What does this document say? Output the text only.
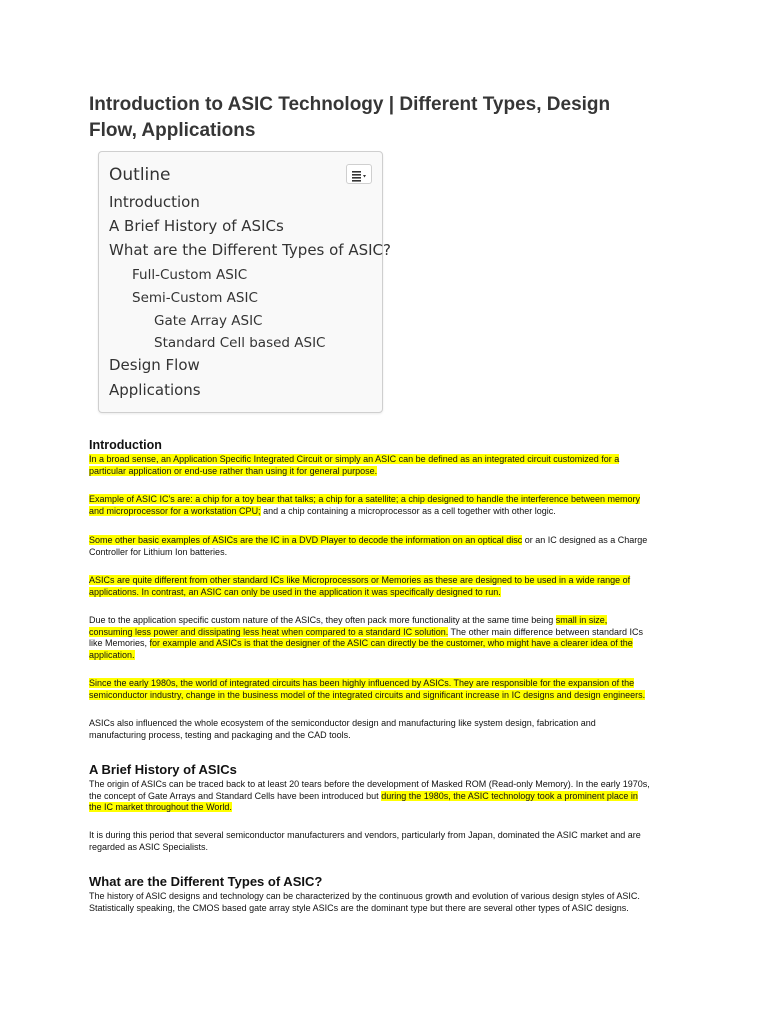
Introduction to ASIC Technology | Different Types, Design Flow, Applications
Outline
Introduction
A Brief History of ASICs
What are the Different Types of ASIC?
Full-Custom ASIC
Semi-Custom ASIC
Gate Array ASIC
Standard Cell based ASIC
Design Flow
Applications
Introduction

In a broad sense, an Application Specific Integrated Circuit or simply an ASIC can be defined as an integrated circuit customized for a particular application or end-use rather than using it for general purpose.

Example of ASIC IC's are: a chip for a toy bear that talks; a chip for a satellite; a chip designed to handle the interference between memory and microprocessor for a workstation CPU; and a chip containing a microprocessor as a cell together with other logic.

Some other basic examples of ASICs are the IC in a DVD Player to decode the information on an optical disc or an IC designed as a Charge Controller for Lithium Ion batteries.

ASICs are quite different from other standard ICs like Microprocessors or Memories as these are designed to be used in a wide range of applications. In contrast, an ASIC can only be used in the application it was specifically designed to run.

Due to the application specific custom nature of the ASICs, they often pack more functionality at the same time being small in size, consuming less power and dissipating less heat when compared to a standard IC solution. The other main difference between standard ICs like Memories, for example and ASICs is that the designer of the ASIC can directly be the customer, who might have a clearer idea of the application.

Since the early 1980s, the world of integrated circuits has been highly influenced by ASICs. They are responsible for the expansion of the semiconductor industry, change in the business model of the integrated circuits and significant increase in IC designs and design engineers.

ASICs also influenced the whole ecosystem of the semiconductor design and manufacturing like system design, fabrication and manufacturing process, testing and packaging and the CAD tools.

A Brief History of ASICs

The origin of ASICs can be traced back to at least 20 tears before the development of Masked ROM (Read-only Memory). In the early 1970s, the concept of Gate Arrays and Standard Cells have been introduced but during the 1980s, the ASIC technology took a prominent place in the IC market throughout the World.

It is during this period that several semiconductor manufacturers and vendors, particularly from Japan, dominated the ASIC market and are regarded as ASIC Specialists.

What are the Different Types of ASIC?

The history of ASIC designs and technology can be characterized by the continuous growth and evolution of various design styles of ASIC. Statistically speaking, the CMOS based gate array style ASICs are the dominant type but there are several other types of ASIC designs.
